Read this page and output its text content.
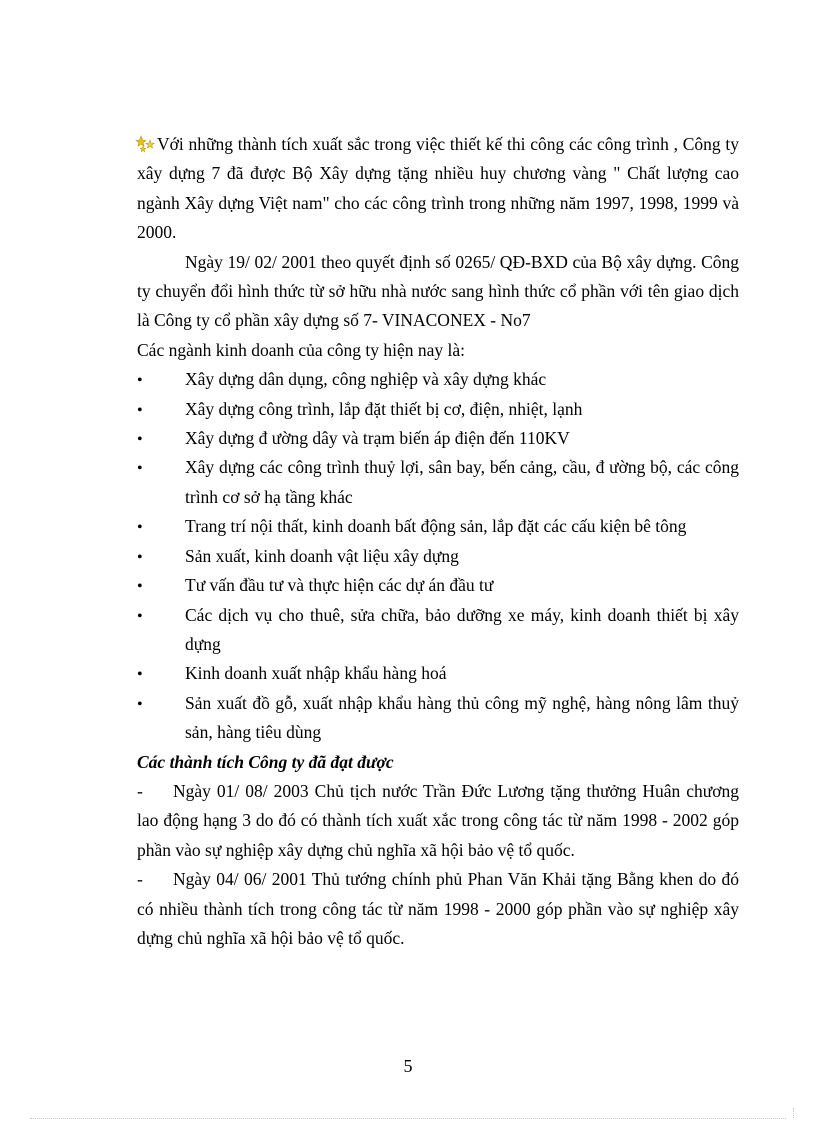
Với những thành tích xuất sắc trong việc thiết kế thi công các công trình , Công ty xây dựng 7 đã được Bộ Xây dựng tặng nhiều huy chương vàng " Chất lượng cao ngành Xây dựng Việt nam" cho các công trình trong những năm 1997, 1998, 1999 và 2000.

Ngày 19/ 02/ 2001 theo quyết định số 0265/ QĐ-BXD của Bộ xây dựng. Công ty chuyển đổi hình thức từ sở hữu nhà nước sang hình thức cổ phần với tên giao dịch là Công ty cổ phần xây dựng số 7- VINACONEX - No7

Các ngành kinh doanh của công ty hiện nay là:

•
Xây dựng dân dụng, công nghiệp và xây dựng khác
•
Xây dựng công trình, lắp đặt thiết bị cơ, điện, nhiệt, lạnh
•
Xây dựng đ ường dây và trạm biến áp điện đến 110KV
•
Xây dựng các công trình thuỷ lợi, sân bay, bến cảng, cầu, đ ường bộ, các công trình cơ sở hạ tầng khác
•
Trang trí nội thất, kinh doanh bất động sản, lắp đặt các cấu kiện bê tông
•
Sản xuất, kinh doanh vật liệu xây dựng
•
Tư vấn đầu tư và thực hiện các dự án đầu tư
•
Các dịch vụ cho thuê, sửa chữa, bảo dưỡng xe máy, kinh doanh thiết bị xây dựng
•
Kinh doanh xuất nhập khẩu hàng hoá
•
Sản xuất đồ gỗ, xuất nhập khẩu hàng thủ công mỹ nghệ, hàng nông lâm thuỷ sản, hàng tiêu dùng

Các thành tích Công ty đã đạt được

- Ngày 01/ 08/ 2003 Chủ tịch nước Trần Đức Lương tặng thưởng Huân chương lao động hạng 3 do đó có thành tích xuất xắc trong công tác từ năm 1998 - 2002 góp phần vào sự nghiệp xây dựng chủ nghĩa xã hội bảo vệ tổ quốc.

- Ngày 04/ 06/ 2001 Thủ tướng chính phủ Phan Văn Khải tặng Bằng khen do đó có nhiều thành tích trong công tác từ năm 1998 - 2000 góp phần vào sự nghiệp xây dựng chủ nghĩa xã hội bảo vệ tổ quốc.

5
